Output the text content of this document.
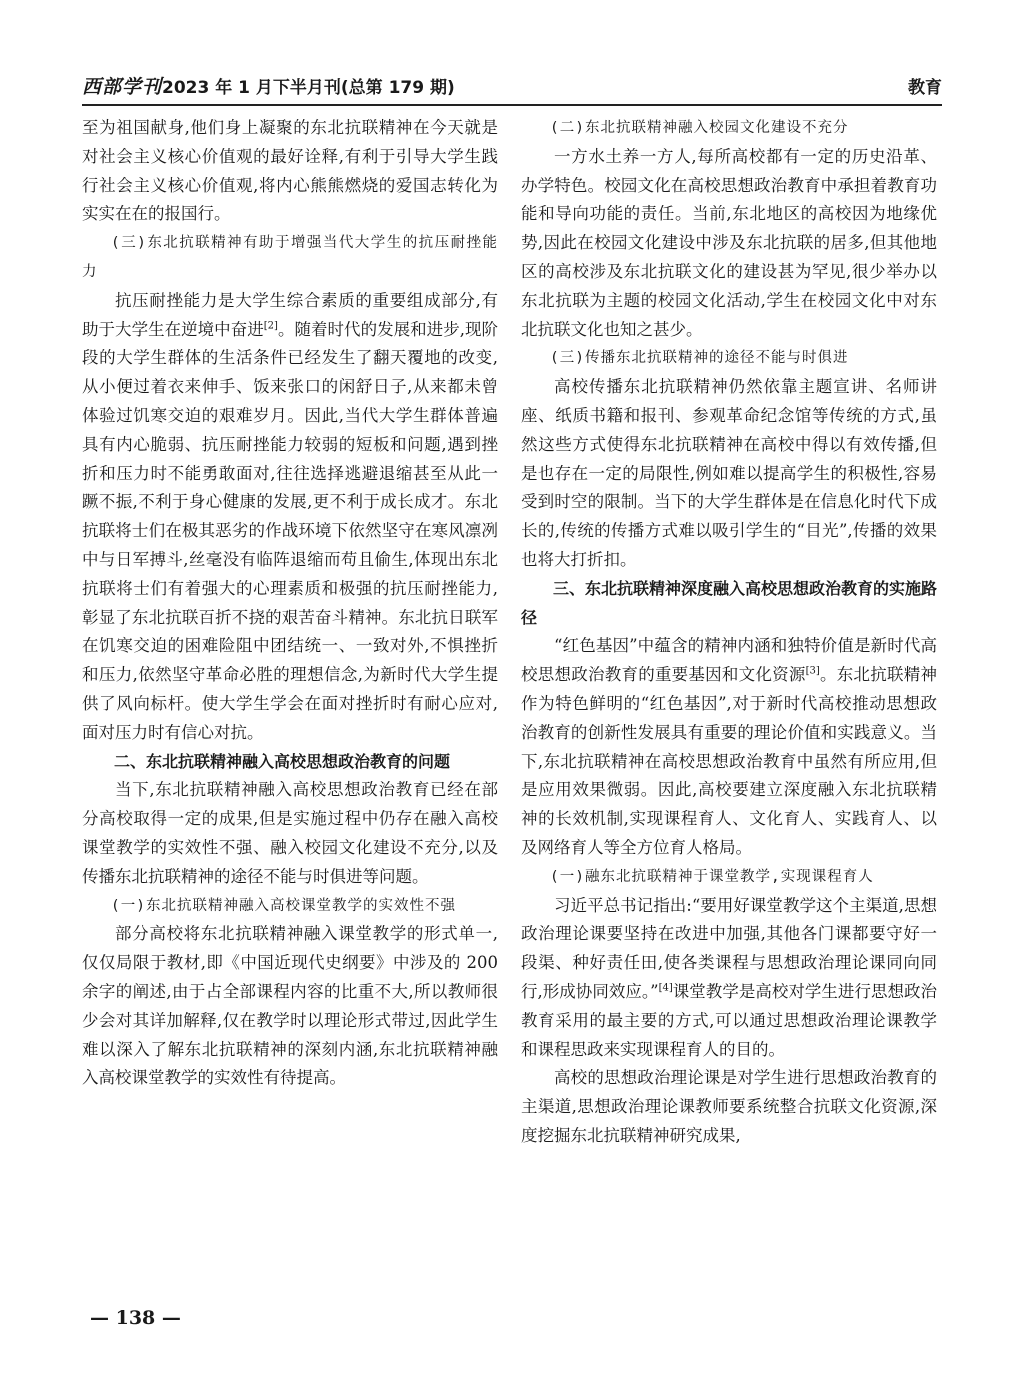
西部学刊 2023 年 1 月下半月刊(总第 179 期)	教育

至为祖国献身,他们身上凝聚的东北抗联精神在今天就是对社会主义核心价值观的最好诠释,有利于引导大学生践行社会主义核心价值观,将内心熊熊燃烧的爱国志转化为实实在在的报国行。

(三)东北抗联精神有助于增强当代大学生的抗压耐挫能力

抗压耐挫能力是大学生综合素质的重要组成部分,有助于大学生在逆境中奋进[2]。随着时代的发展和进步,现阶段的大学生群体的生活条件已经发生了翻天覆地的改变,从小便过着衣来伸手、饭来张口的闲舒日子,从来都未曾体验过饥寒交迫的艰难岁月。因此,当代大学生群体普遍具有内心脆弱、抗压耐挫能力较弱的短板和问题,遇到挫折和压力时不能勇敢面对,往往选择逃避退缩甚至从此一蹶不振,不利于身心健康的发展,更不利于成长成才。东北抗联将士们在极其恶劣的作战环境下依然坚守在寒风凛冽中与日军搏斗,丝毫没有临阵退缩而苟且偷生,体现出东北抗联将士们有着强大的心理素质和极强的抗压耐挫能力,彰显了东北抗联百折不挠的艰苦奋斗精神。东北抗日联军在饥寒交迫的困难险阻中团结统一、一致对外,不惧挫折和压力,依然坚守革命必胜的理想信念,为新时代大学生提供了风向标杆。使大学生学会在面对挫折时有耐心应对,面对压力时有信心对抗。

二、东北抗联精神融入高校思想政治教育的问题

当下,东北抗联精神融入高校思想政治教育已经在部分高校取得一定的成果,但是实施过程中仍存在融入高校课堂教学的实效性不强、融入校园文化建设不充分,以及传播东北抗联精神的途径不能与时俱进等问题。

(一)东北抗联精神融入高校课堂教学的实效性不强

部分高校将东北抗联精神融入课堂教学的形式单一,仅仅局限于教材,即《中国近现代史纲要》中涉及的 200 余字的阐述,由于占全部课程内容的比重不大,所以教师很少会对其详加解释,仅在教学时以理论形式带过,因此学生难以深入了解东北抗联精神的深刻内涵,东北抗联精神融入高校课堂教学的实效性有待提高。

(二)东北抗联精神融入校园文化建设不充分

一方水土养一方人,每所高校都有一定的历史沿革、办学特色。校园文化在高校思想政治教育中承担着教育功能和导向功能的责任。当前,东北地区的高校因为地缘优势,因此在校园文化建设中涉及东北抗联的居多,但其他地区的高校涉及东北抗联文化的建设甚为罕见,很少举办以东北抗联为主题的校园文化活动,学生在校园文化中对东北抗联文化也知之甚少。

(三)传播东北抗联精神的途径不能与时俱进

高校传播东北抗联精神仍然依靠主题宣讲、名师讲座、纸质书籍和报刊、参观革命纪念馆等传统的方式,虽然这些方式使得东北抗联精神在高校中得以有效传播,但是也存在一定的局限性,例如难以提高学生的积极性,容易受到时空的限制。当下的大学生群体是在信息化时代下成长的,传统的传播方式难以吸引学生的“目光”,传播的效果也将大打折扣。

三、东北抗联精神深度融入高校思想政治教育的实施路径

“红色基因”中蕴含的精神内涵和独特价值是新时代高校思想政治教育的重要基因和文化资源[3]。东北抗联精神作为特色鲜明的“红色基因”,对于新时代高校推动思想政治教育的创新性发展具有重要的理论价值和实践意义。当下,东北抗联精神在高校思想政治教育中虽然有所应用,但是应用效果微弱。因此,高校要建立深度融入东北抗联精神的长效机制,实现课程育人、文化育人、实践育人、以及网络育人等全方位育人格局。

(一)融东北抗联精神于课堂教学,实现课程育人

习近平总书记指出:“要用好课堂教学这个主渠道,思想政治理论课要坚持在改进中加强,其他各门课都要守好一段渠、种好责任田,使各类课程与思想政治理论课同向同行,形成协同效应。”[4]课堂教学是高校对学生进行思想政治教育采用的最主要的方式,可以通过思想政治理论课教学和课程思政来实现课程育人的目的。

高校的思想政治理论课是对学生进行思想政治教育的主渠道,思想政治理论课教师要系统整合抗联文化资源,深度挖掘东北抗联精神研究成果,

— 138 —
